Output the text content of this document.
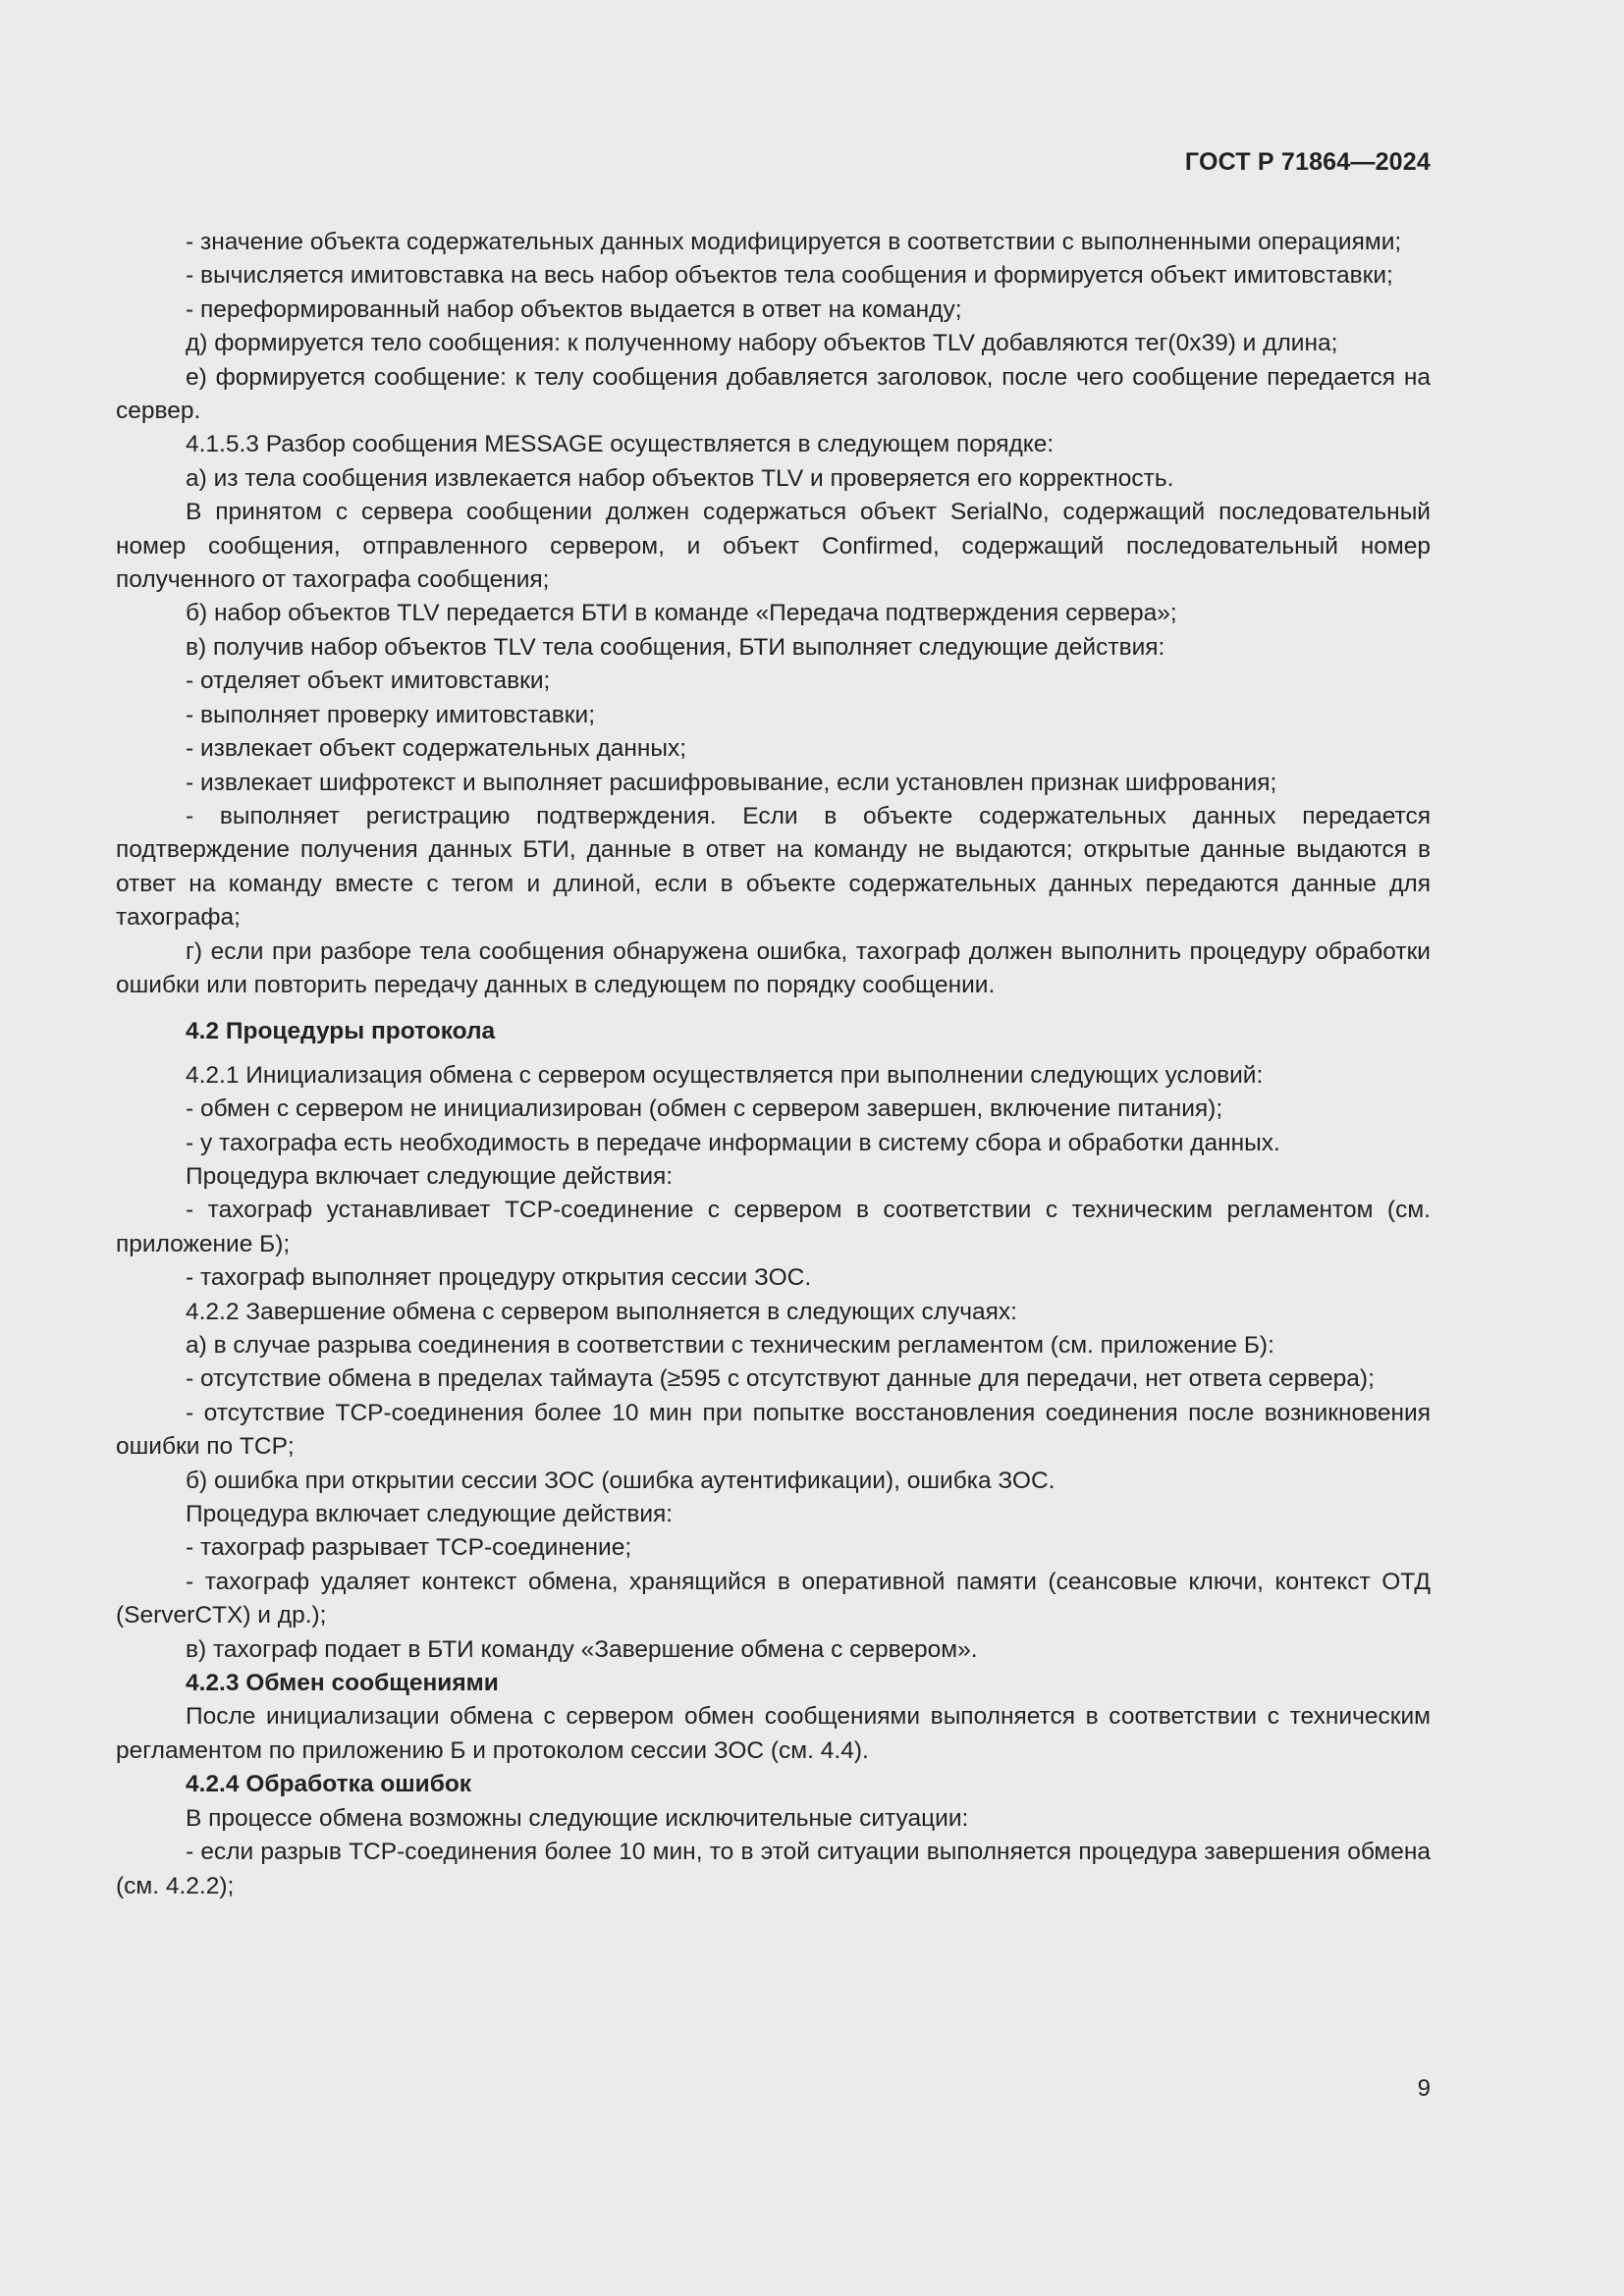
ГОСТ Р 71864—2024

- значение объекта содержательных данных модифицируется в соответствии с выполненными операциями;

- вычисляется имитовставка на весь набор объектов тела сообщения и формируется объект имитовставки;

- переформированный набор объектов выдается в ответ на команду;

д) формируется тело сообщения: к полученному набору объектов TLV добавляются тег(0x39) и длина;

е) формируется сообщение: к телу сообщения добавляется заголовок, после чего сообщение передается на сервер.

4.1.5.3 Разбор сообщения MESSAGE осуществляется в следующем порядке:

а) из тела сообщения извлекается набор объектов TLV и проверяется его корректность.

В принятом с сервера сообщении должен содержаться объект SerialNo, содержащий последовательный номер сообщения, отправленного сервером, и объект Confirmed, содержащий последовательный номер полученного от тахографа сообщения;

б) набор объектов TLV передается БТИ в команде «Передача подтверждения сервера»;

в) получив набор объектов TLV тела сообщения, БТИ выполняет следующие действия:

- отделяет объект имитовставки;

- выполняет проверку имитовставки;

- извлекает объект содержательных данных;

- извлекает шифротекст и выполняет расшифровывание, если установлен признак шифрования;

- выполняет регистрацию подтверждения. Если в объекте содержательных данных передается подтверждение получения данных БТИ, данные в ответ на команду не выдаются; открытые данные выдаются в ответ на команду вместе с тегом и длиной, если в объекте содержательных данных передаются данные для тахографа;

г) если при разборе тела сообщения обнаружена ошибка, тахограф должен выполнить процедуру обработки ошибки или повторить передачу данных в следующем по порядку сообщении.

4.2 Процедуры протокола

4.2.1 Инициализация обмена с сервером осуществляется при выполнении следующих условий:

- обмен с сервером не инициализирован (обмен с сервером завершен, включение питания);

- у тахографа есть необходимость в передаче информации в систему сбора и обработки данных.

Процедура включает следующие действия:

- тахограф устанавливает TCP-соединение с сервером в соответствии с техническим регламентом (см. приложение Б);

- тахограф выполняет процедуру открытия сессии ЗОС.

4.2.2 Завершение обмена с сервером выполняется в следующих случаях:

а) в случае разрыва соединения в соответствии с техническим регламентом (см. приложение Б):

- отсутствие обмена в пределах таймаута (≥595 с отсутствуют данные для передачи, нет ответа сервера);

- отсутствие TCP-соединения более 10 мин при попытке восстановления соединения после возникновения ошибки по TCP;

б) ошибка при открытии сессии ЗОС (ошибка аутентификации), ошибка ЗОС.

Процедура включает следующие действия:

- тахограф разрывает TCP-соединение;

- тахограф удаляет контекст обмена, хранящийся в оперативной памяти (сеансовые ключи, контекст ОТД (ServerCTX) и др.);

в) тахограф подает в БТИ команду «Завершение обмена с сервером».

4.2.3 Обмен сообщениями

После инициализации обмена с сервером обмен сообщениями выполняется в соответствии с техническим регламентом по приложению Б и протоколом сессии ЗОС (см. 4.4).

4.2.4 Обработка ошибок

В процессе обмена возможны следующие исключительные ситуации:

- если разрыв TCP-соединения более 10 мин, то в этой ситуации выполняется процедура завершения обмена (см. 4.2.2);

9
